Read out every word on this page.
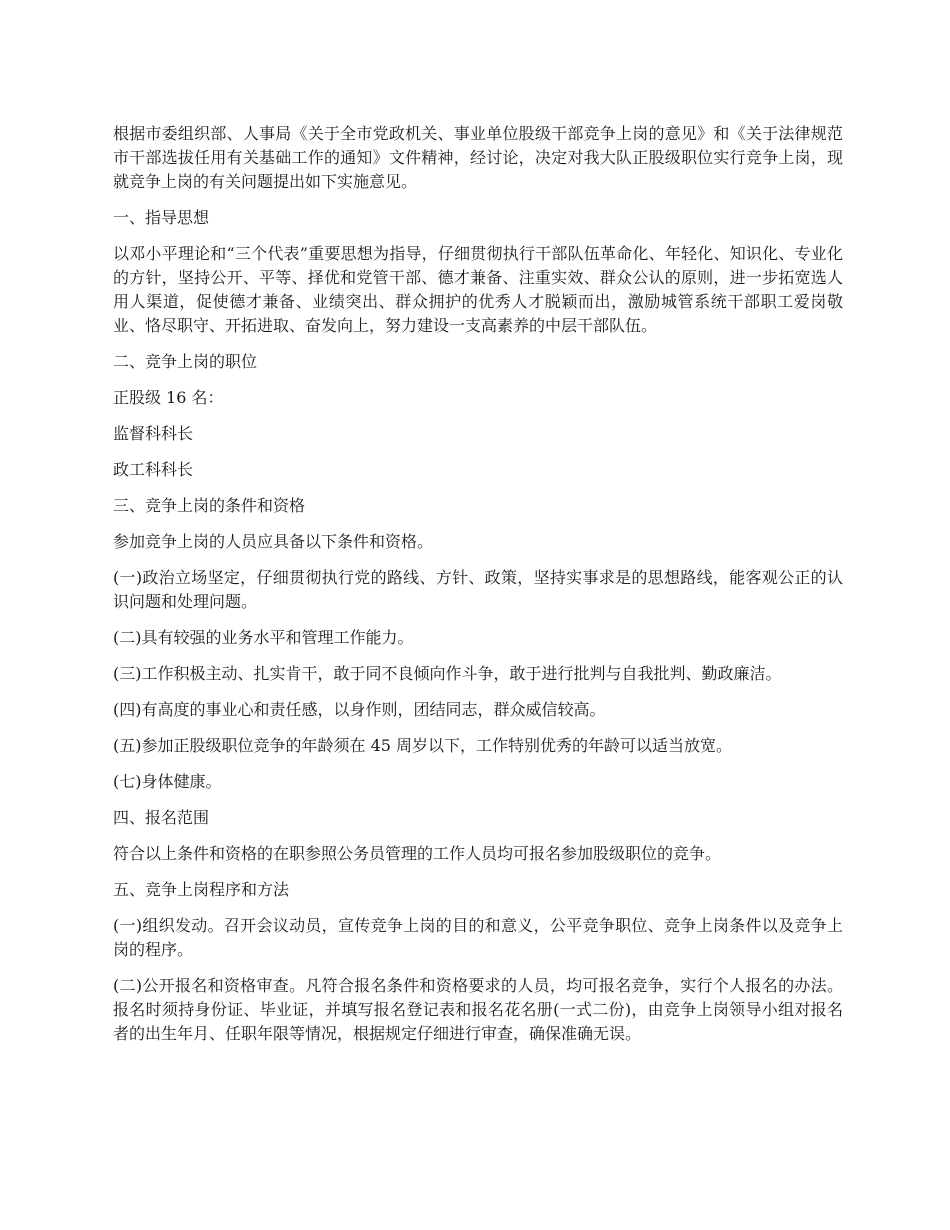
根据市委组织部、人事局《关于全市党政机关、事业单位股级干部竞争上岗的意见》和《关于法律规范市干部选拔任用有关基础工作的通知》文件精神，经讨论，决定对我大队正股级职位实行竞争上岗，现就竞争上岗的有关问题提出如下实施意见。

一、指导思想

以邓小平理论和“三个代表”重要思想为指导，仔细贯彻执行干部队伍革命化、年轻化、知识化、专业化的方针，坚持公开、平等、择优和党管干部、德才兼备、注重实效、群众公认的原则，进一步拓宽选人用人渠道，促使德才兼备、业绩突出、群众拥护的优秀人才脱颖而出，激励城管系统干部职工爱岗敬业、恪尽职守、开拓进取、奋发向上，努力建设一支高素养的中层干部队伍。

二、竞争上岗的职位

正股级 16 名：

监督科科长

政工科科长

三、竞争上岗的条件和资格

参加竞争上岗的人员应具备以下条件和资格。

(一)政治立场坚定，仔细贯彻执行党的路线、方针、政策，坚持实事求是的思想路线，能客观公正的认识问题和处理问题。

(二)具有较强的业务水平和管理工作能力。

(三)工作积极主动、扎实肯干，敢于同不良倾向作斗争，敢于进行批判与自我批判、勤政廉洁。

(四)有高度的事业心和责任感，以身作则，团结同志，群众威信较高。

(五)参加正股级职位竞争的年龄须在 45 周岁以下，工作特别优秀的年龄可以适当放宽。

(七)身体健康。

四、报名范围

符合以上条件和资格的在职参照公务员管理的工作人员均可报名参加股级职位的竞争。

五、竞争上岗程序和方法

(一)组织发动。召开会议动员，宣传竞争上岗的目的和意义，公平竞争职位、竞争上岗条件以及竞争上岗的程序。

(二)公开报名和资格审查。凡符合报名条件和资格要求的人员，均可报名竞争，实行个人报名的办法。报名时须持身份证、毕业证，并填写报名登记表和报名花名册(一式二份)，由竞争上岗领导小组对报名者的出生年月、任职年限等情况，根据规定仔细进行审查，确保准确无误。
